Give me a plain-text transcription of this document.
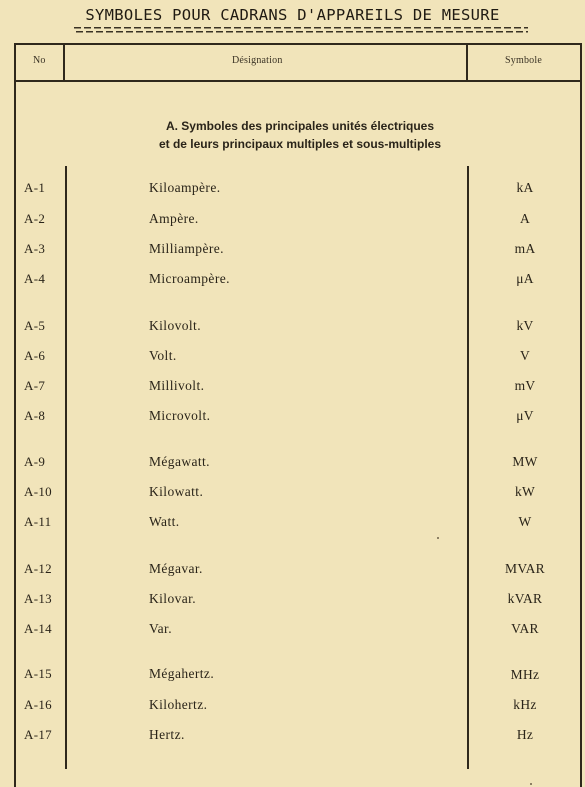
SYMBOLES POUR CADRANS D'APPAREILS DE MESURE
No	Désignation	Symbole
A. Symboles des principales unités électriques
et de leurs principaux multiples et sous-multiples
A-1	Kiloampère.	kA
A-2	Ampère.	A
A-3	Milliampère.	mA
A-4	Microampère.	μA
A-5	Kilovolt.	kV
A-6	Volt.	V
A-7	Millivolt.	mV
A-8	Microvolt.	μV
A-9	Mégawatt.	MW
A-10	Kilowatt.	kW
A-11	Watt.	W
A-12	Mégavar.	MVAR
A-13	Kilovar.	kVAR
A-14	Var.	VAR
A-15	Mégahertz.	MHz
A-16	Kilohertz.	kHz
A-17	Hertz.	Hz
